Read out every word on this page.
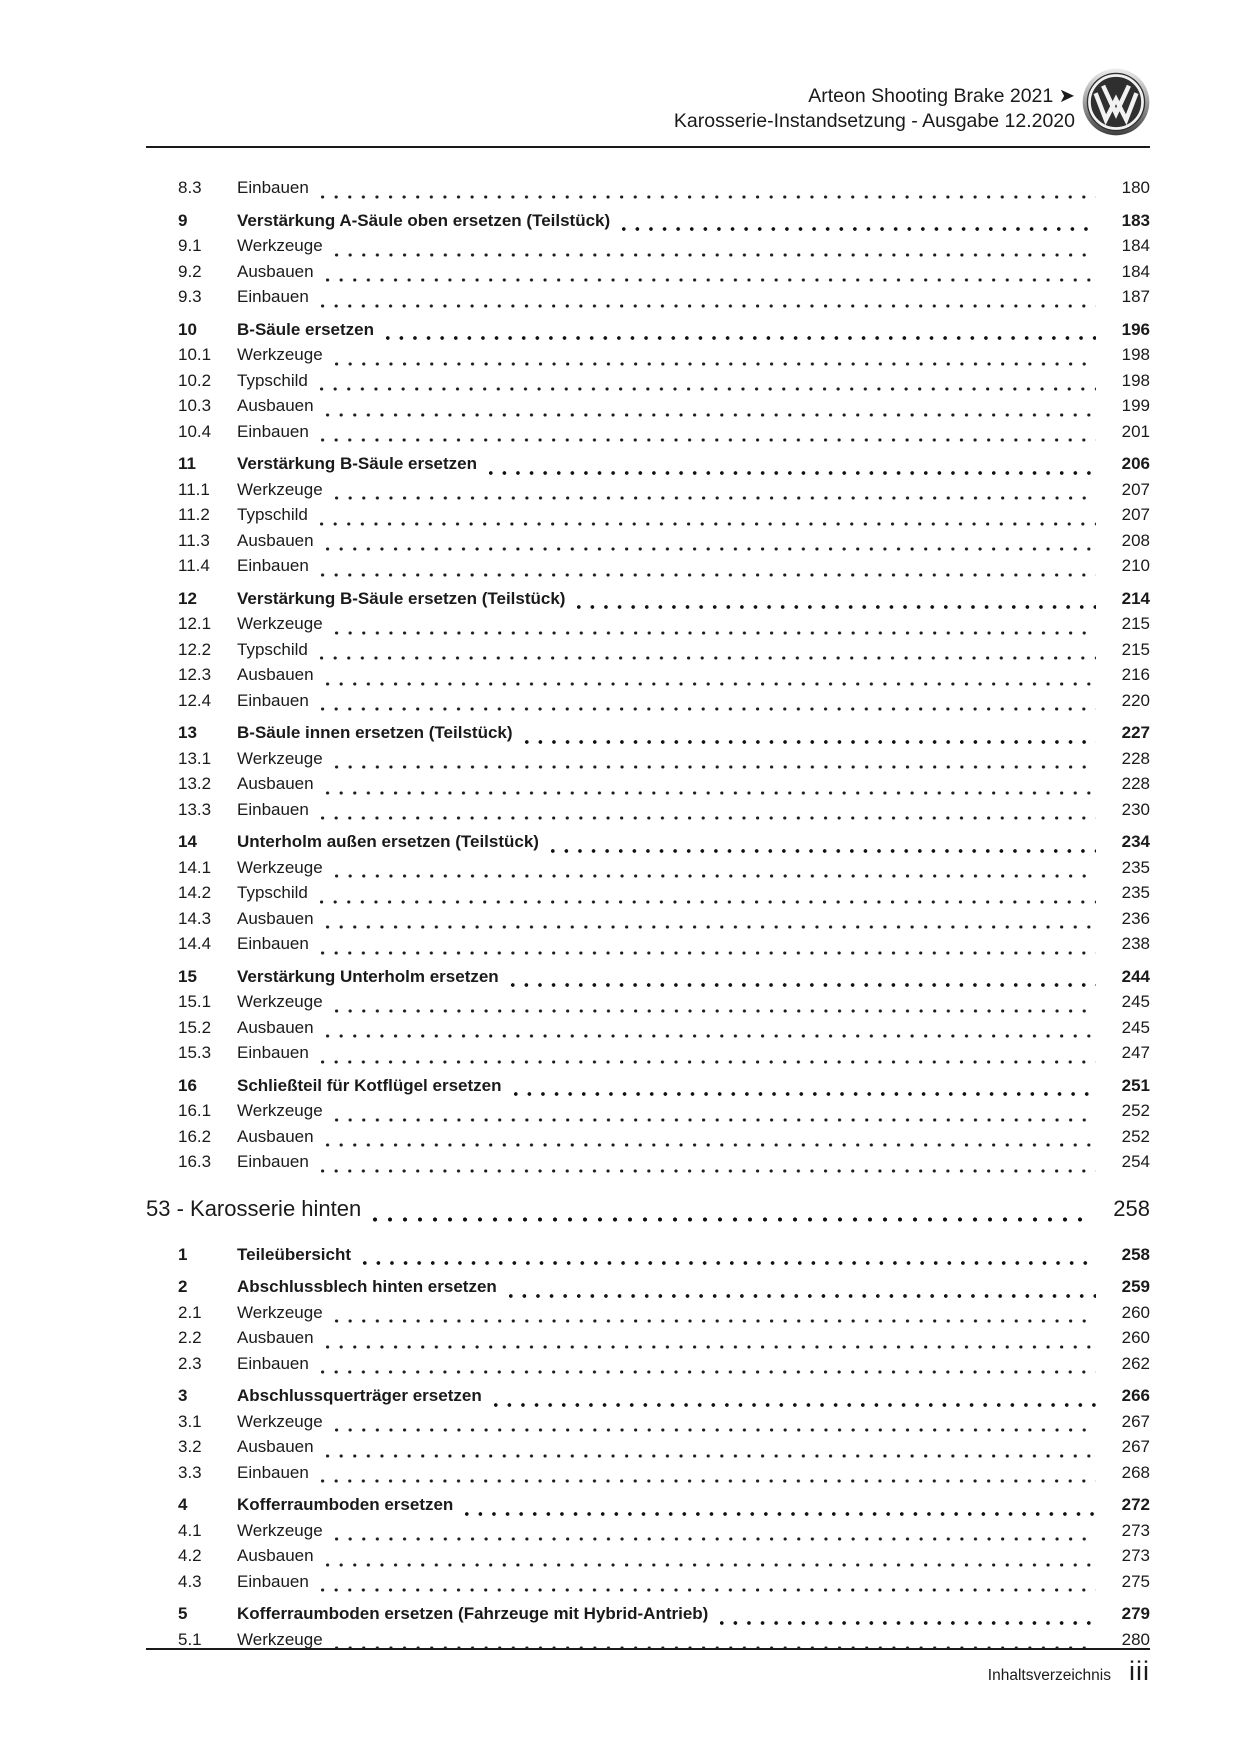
Arteon Shooting Brake 2021 ➤
Karosserie-Instandsetzung - Ausgabe 12.2020
8.3	Einbauen	180
9	Verstärkung A-Säule oben ersetzen (Teilstück)	183
9.1	Werkzeuge	184
9.2	Ausbauen	184
9.3	Einbauen	187
10	B-Säule ersetzen	196
10.1	Werkzeuge	198
10.2	Typschild	198
10.3	Ausbauen	199
10.4	Einbauen	201
11	Verstärkung B-Säule ersetzen	206
11.1	Werkzeuge	207
11.2	Typschild	207
11.3	Ausbauen	208
11.4	Einbauen	210
12	Verstärkung B-Säule ersetzen (Teilstück)	214
12.1	Werkzeuge	215
12.2	Typschild	215
12.3	Ausbauen	216
12.4	Einbauen	220
13	B-Säule innen ersetzen (Teilstück)	227
13.1	Werkzeuge	228
13.2	Ausbauen	228
13.3	Einbauen	230
14	Unterholm außen ersetzen (Teilstück)	234
14.1	Werkzeuge	235
14.2	Typschild	235
14.3	Ausbauen	236
14.4	Einbauen	238
15	Verstärkung Unterholm ersetzen	244
15.1	Werkzeuge	245
15.2	Ausbauen	245
15.3	Einbauen	247
16	Schließteil für Kotflügel ersetzen	251
16.1	Werkzeuge	252
16.2	Ausbauen	252
16.3	Einbauen	254
53 - Karosserie hinten	258
1	Teileübersicht	258
2	Abschlussblech hinten ersetzen	259
2.1	Werkzeuge	260
2.2	Ausbauen	260
2.3	Einbauen	262
3	Abschlussquerträger ersetzen	266
3.1	Werkzeuge	267
3.2	Ausbauen	267
3.3	Einbauen	268
4	Kofferraumboden ersetzen	272
4.1	Werkzeuge	273
4.2	Ausbauen	273
4.3	Einbauen	275
5	Kofferraumboden ersetzen (Fahrzeuge mit Hybrid-Antrieb)	279
5.1	Werkzeuge	280
Inhaltsverzeichnis iii
